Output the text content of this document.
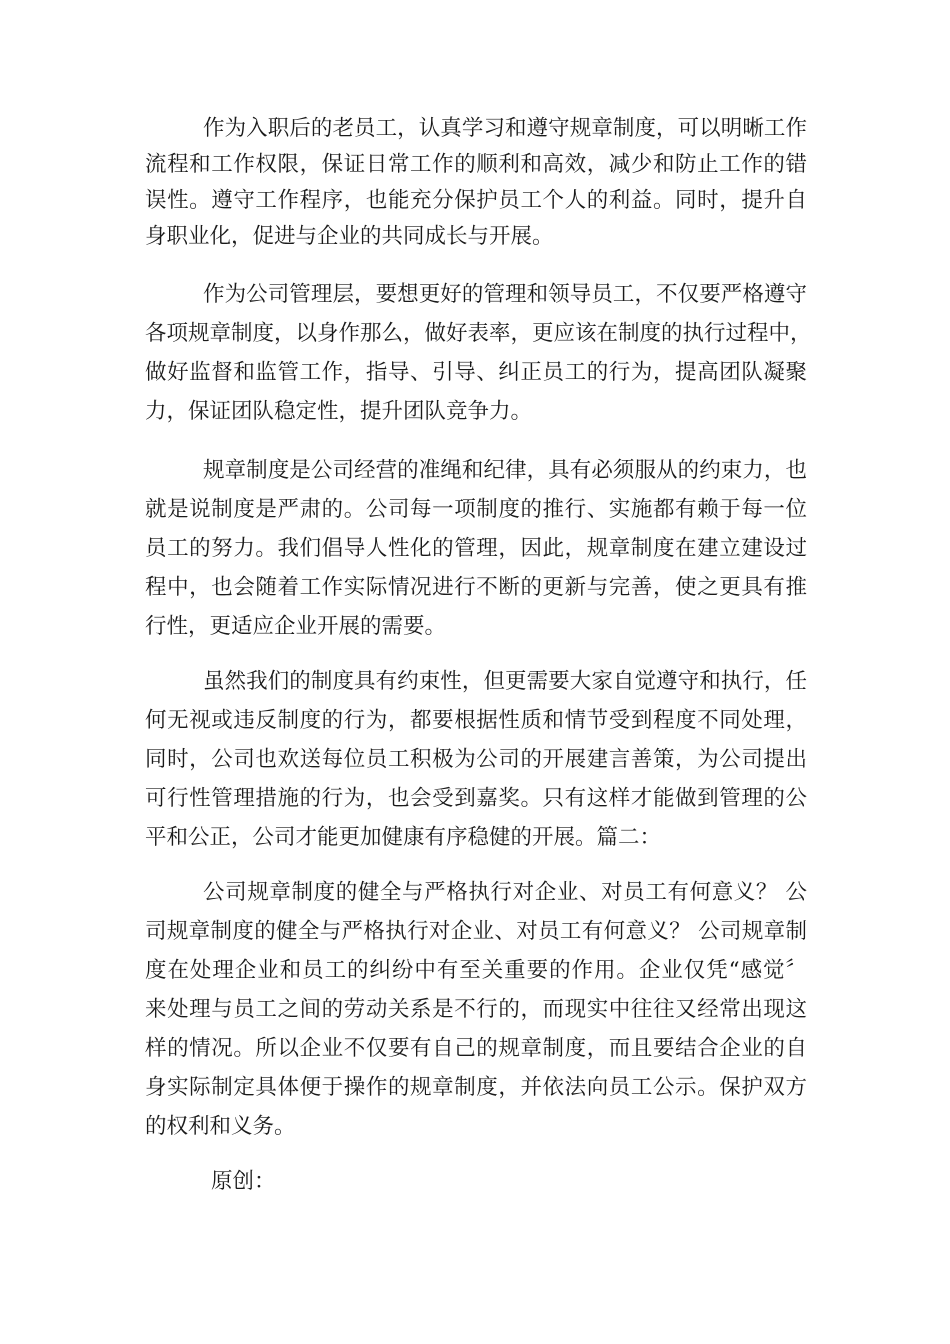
作为入职后的老员工，认真学习和遵守规章制度，可以明晰工作
流程和工作权限，保证日常工作的顺利和高效，减少和防止工作的错
误性。遵守工作程序，也能充分保护员工个人的利益。同时，提升自
身职业化，促进与企业的共同成长与开展。
作为公司管理层，要想更好的管理和领导员工，不仅要严格遵守
各项规章制度，以身作那么，做好表率，更应该在制度的执行过程中，
做好监督和监管工作，指导、引导、纠正员工的行为，提高团队凝聚
力，保证团队稳定性，提升团队竞争力。
规章制度是公司经营的准绳和纪律，具有必须服从的约束力，也
就是说制度是严肃的。公司每一项制度的推行、实施都有赖于每一位
员工的努力。我们倡导人性化的管理，因此，规章制度在建立建设过
程中，也会随着工作实际情况进行不断的更新与完善，使之更具有推
行性，更适应企业开展的需要。
虽然我们的制度具有约束性，但更需要大家自觉遵守和执行，任
何无视或违反制度的行为，都要根据性质和情节受到程度不同处理，
同时，公司也欢送每位员工积极为公司的开展建言善策，为公司提出
可行性管理措施的行为，也会受到嘉奖。只有这样才能做到管理的公
平和公正，公司才能更加健康有序稳健的开展。篇二：
公司规章制度的健全与严格执行对企业、对员工有何意义？ 公
司规章制度的健全与严格执行对企业、对员工有何意义？ 公司规章制
度在处理企业和员工的纠纷中有至关重要的作用。企业仅凭“感觉〞
来处理与员工之间的劳动关系是不行的，而现实中往往又经常出现这
样的情况。所以企业不仅要有自己的规章制度，而且要结合企业的自
身实际制定具体便于操作的规章制度，并依法向员工公示。保护双方
的权利和义务。
原创：
